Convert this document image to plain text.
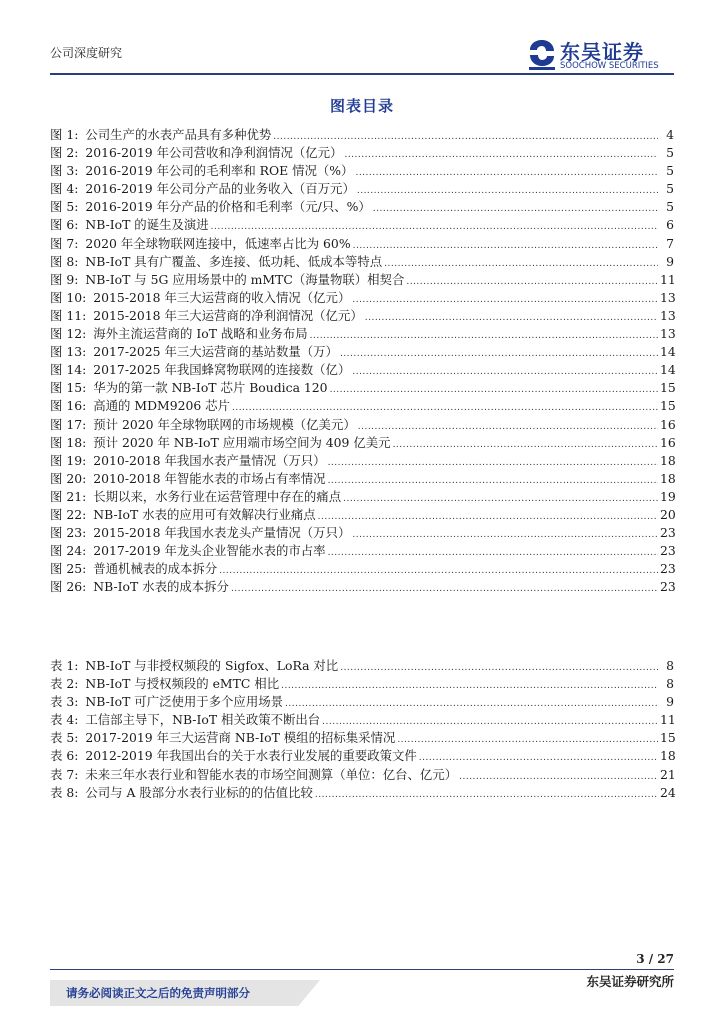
公司深度研究	东吴证券
SOOCHOW SECURITIES
图表目录
图 1: 公司生产的水表产品具有多种优势 .....	4
图 2: 2016-2019 年公司营收和净利润情况（亿元） .....	5
图 3: 2016-2019 年公司的毛利率和 ROE 情况（%） .....	5
图 4: 2016-2019 年公司分产品的业务收入（百万元） .....	5
图 5: 2016-2019 年分产品的价格和毛利率（元/只、%） .....	5
图 6: NB-IoT 的诞生及演进 .....	6
图 7: 2020 年全球物联网连接中，低速率占比为 60% .....	7
图 8: NB-IoT 具有广覆盖、多连接、低功耗、低成本等特点 .....	9
图 9: NB-IoT 与 5G 应用场景中的 mMTC（海量物联）相契合 .....	11
图 10: 2015-2018 年三大运营商的收入情况（亿元） .....	13
图 11: 2015-2018 年三大运营商的净利润情况（亿元） .....	13
图 12: 海外主流运营商的 IoT 战略和业务布局 .....	13
图 13: 2017-2025 年三大运营商的基站数量（万） .....	14
图 14: 2017-2025 年我国蜂窝物联网的连接数（亿） .....	14
图 15: 华为的第一款 NB-IoT 芯片 Boudica 120 .....	15
图 16: 高通的 MDM9206 芯片 .....	15
图 17: 预计 2020 年全球物联网的市场规模（亿美元） .....	16
图 18: 预计 2020 年 NB-IoT 应用端市场空间为 409 亿美元 .....	16
图 19: 2010-2018 年我国水表产量情况（万只） .....	18
图 20: 2010-2018 年智能水表的市场占有率情况 .....	18
图 21: 长期以来，水务行业在运营管理中存在的痛点 .....	19
图 22: NB-IoT 水表的应用可有效解决行业痛点 .....	20
图 23: 2015-2018 年我国水表龙头产量情况（万只） .....	23
图 24: 2017-2019 年龙头企业智能水表的市占率 .....	23
图 25: 普通机械表的成本拆分 .....	23
图 26: NB-IoT 水表的成本拆分 .....	23
表 1: NB-IoT 与非授权频段的 Sigfox、LoRa 对比 .....	8
表 2: NB-IoT 与授权频段的 eMTC 相比 .....	8
表 3: NB-IoT 可广泛使用于多个应用场景 .....	9
表 4: 工信部主导下，NB-IoT 相关政策不断出台 .....	11
表 5: 2017-2019 年三大运营商 NB-IoT 模组的招标集采情况 .....	15
表 6: 2012-2019 年我国出台的关于水表行业发展的重要政策文件 .....	18
表 7: 未来三年水表行业和智能水表的市场空间测算（单位：亿台、亿元） .....	21
表 8: 公司与 A 股部分水表行业标的的估值比较 .....	24
3 / 27
请务必阅读正文之后的免责声明部分
东吴证券研究所
